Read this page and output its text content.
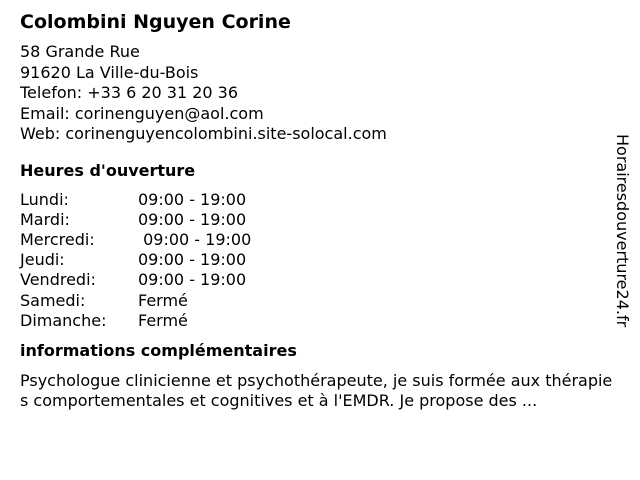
Colombini Nguyen Corine
58 Grande Rue
91620 La Ville-du-Bois
Telefon: +33 6 20 31 20 36
Email: corinenguyen@aol.com
Web: corinenguyencolombini.site-solocal.com
Heures d'ouverture
Lundi:	09:00 - 19:00
Mardi:	09:00 - 19:00
Mercredi:	09:00 - 19:00
Jeudi:	09:00 - 19:00
Vendredi:	09:00 - 19:00
Samedi:	Fermé
Dimanche:	Fermé
informations complémentaires
Psychologue clinicienne et psychothérapeute, je suis formée aux thérapies comportementales et cognitives et à l'EMDR. Je propose des ...
Horairesdouverture24.fr
